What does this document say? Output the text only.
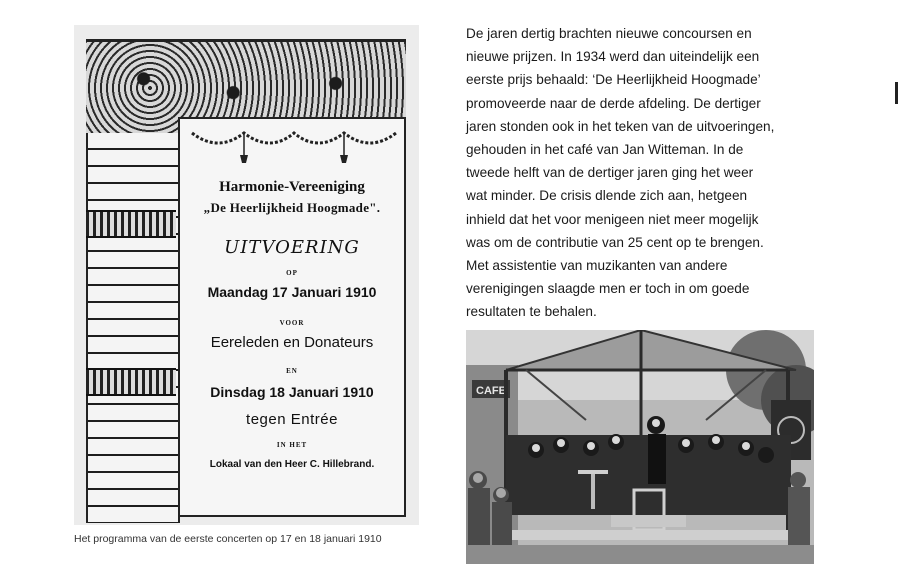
Harmonie-Vereeniging
„De Heerlijkheid Hoogmade".
UITVOERING
OP
Maandag 17 Januari 1910
VOOR
Eereleden en Donateurs
EN
Dinsdag 18 Januari 1910
tegen Entrée
IN HET
Lokaal van den Heer C. Hillebrand.
Het programma van de eerste concerten op 17 en 18 januari 1910
De jaren dertig brachten nieuwe concoursen en
nieuwe prijzen. In 1934 werd dan uiteindelijk een
eerste prijs behaald: ‘De Heerlijkheid Hoogmade’
promoveerde naar de derde afdeling. De dertiger
jaren stonden ook in het teken van de uitvoeringen,
gehouden in het café van Jan Witteman. In de
tweede helft van de dertiger jaren ging het weer
wat minder. De crisis dlende zich aan, hetgeen
inhield dat het voor menigeen niet meer mogelijk
was om de contributie van 25 cent op te brengen.
Met assistentie van muzikanten van andere
verenigingen slaagde men er toch in om goede
resultaten te behalen.
CAFE
